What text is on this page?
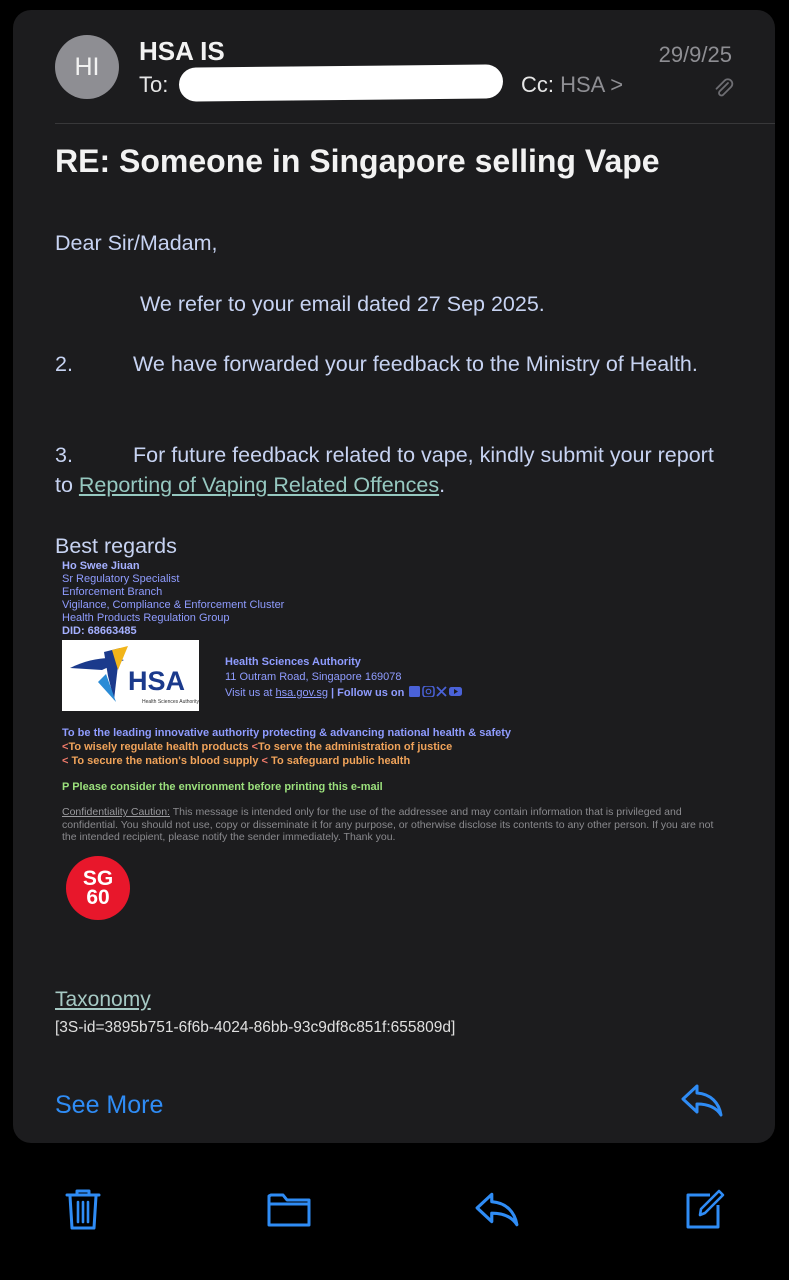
HI
HSA IS
To:	Cc: HSA >
29/9/25
RE: Someone in Singapore selling Vape
Dear Sir/Madam,
We refer to your email dated 27 Sep 2025.
2.	We have forwarded your feedback to the Ministry of Health.
3.	For future feedback related to vape, kindly submit your report to Reporting of Vaping Related Offences.
Best regards
Ho Swee Jiuan
Sr Regulatory Specialist
Enforcement Branch
Vigilance, Compliance & Enforcement Cluster
Health Products Regulation Group
DID: 68663485
HSA
Health Sciences Authority
Health Sciences Authority
11 Outram Road, Singapore 169078
Visit us at hsa.gov.sg | Follow us on
To be the leading innovative authority protecting & advancing national health & safety
<To wisely regulate health products <To serve the administration of justice
< To secure the nation's blood supply < To safeguard public health
P Please consider the environment before printing this e-mail
Confidentiality Caution: This message is intended only for the use of the addressee and may contain information that is privileged and confidential. You should not use, copy or disseminate it for any purpose, or otherwise disclose its contents to any other person. If you are not the intended recipient, please notify the sender immediately. Thank you.
SG
60
Taxonomy
[3S-id=3895b751-6f6b-4024-86bb-93c9df8c851f:655809d]
See More
